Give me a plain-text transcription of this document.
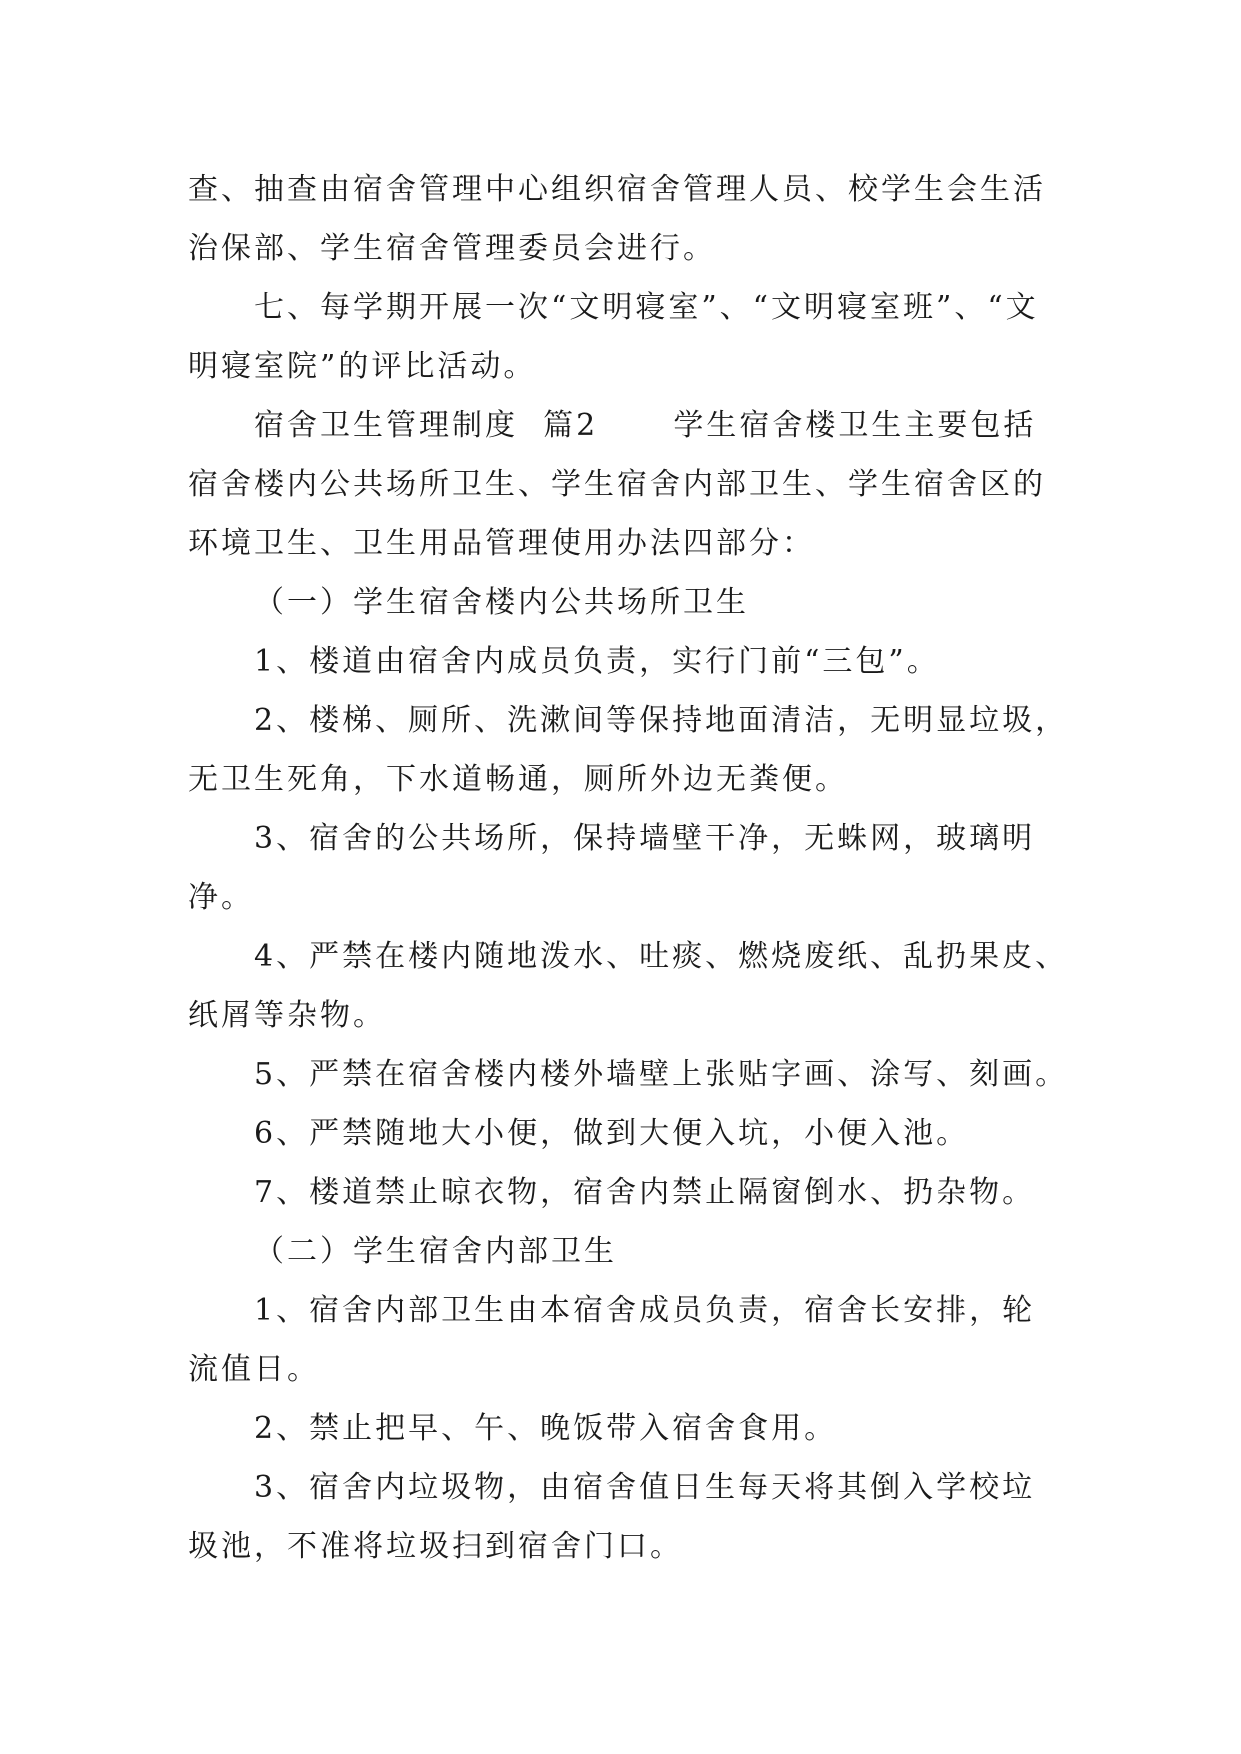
查、抽查由宿舍管理中心组织宿舍管理人员、校学生会生活

治保部、学生宿舍管理委员会进行。

七、每学期开展一次“文明寝室”、“文明寝室班”、“文

明寝室院”的评比活动。

宿舍卫生管理制度  篇2      学生宿舍楼卫生主要包括

宿舍楼内公共场所卫生、学生宿舍内部卫生、学生宿舍区的

环境卫生、卫生用品管理使用办法四部分：

（一）学生宿舍楼内公共场所卫生

1、楼道由宿舍内成员负责，实行门前“三包”。

2、楼梯、厕所、洗漱间等保持地面清洁，无明显垃圾，

无卫生死角，下水道畅通，厕所外边无粪便。

3、宿舍的公共场所，保持墙壁干净，无蛛网，玻璃明

净。

4、严禁在楼内随地泼水、吐痰、燃烧废纸、乱扔果皮、

纸屑等杂物。

5、严禁在宿舍楼内楼外墙壁上张贴字画、涂写、刻画。

6、严禁随地大小便，做到大便入坑，小便入池。

7、楼道禁止晾衣物，宿舍内禁止隔窗倒水、扔杂物。

（二）学生宿舍内部卫生

1、宿舍内部卫生由本宿舍成员负责，宿舍长安排，轮

流值日。

2、禁止把早、午、晚饭带入宿舍食用。

3、宿舍内垃圾物，由宿舍值日生每天将其倒入学校垃

圾池，不准将垃圾扫到宿舍门口。
